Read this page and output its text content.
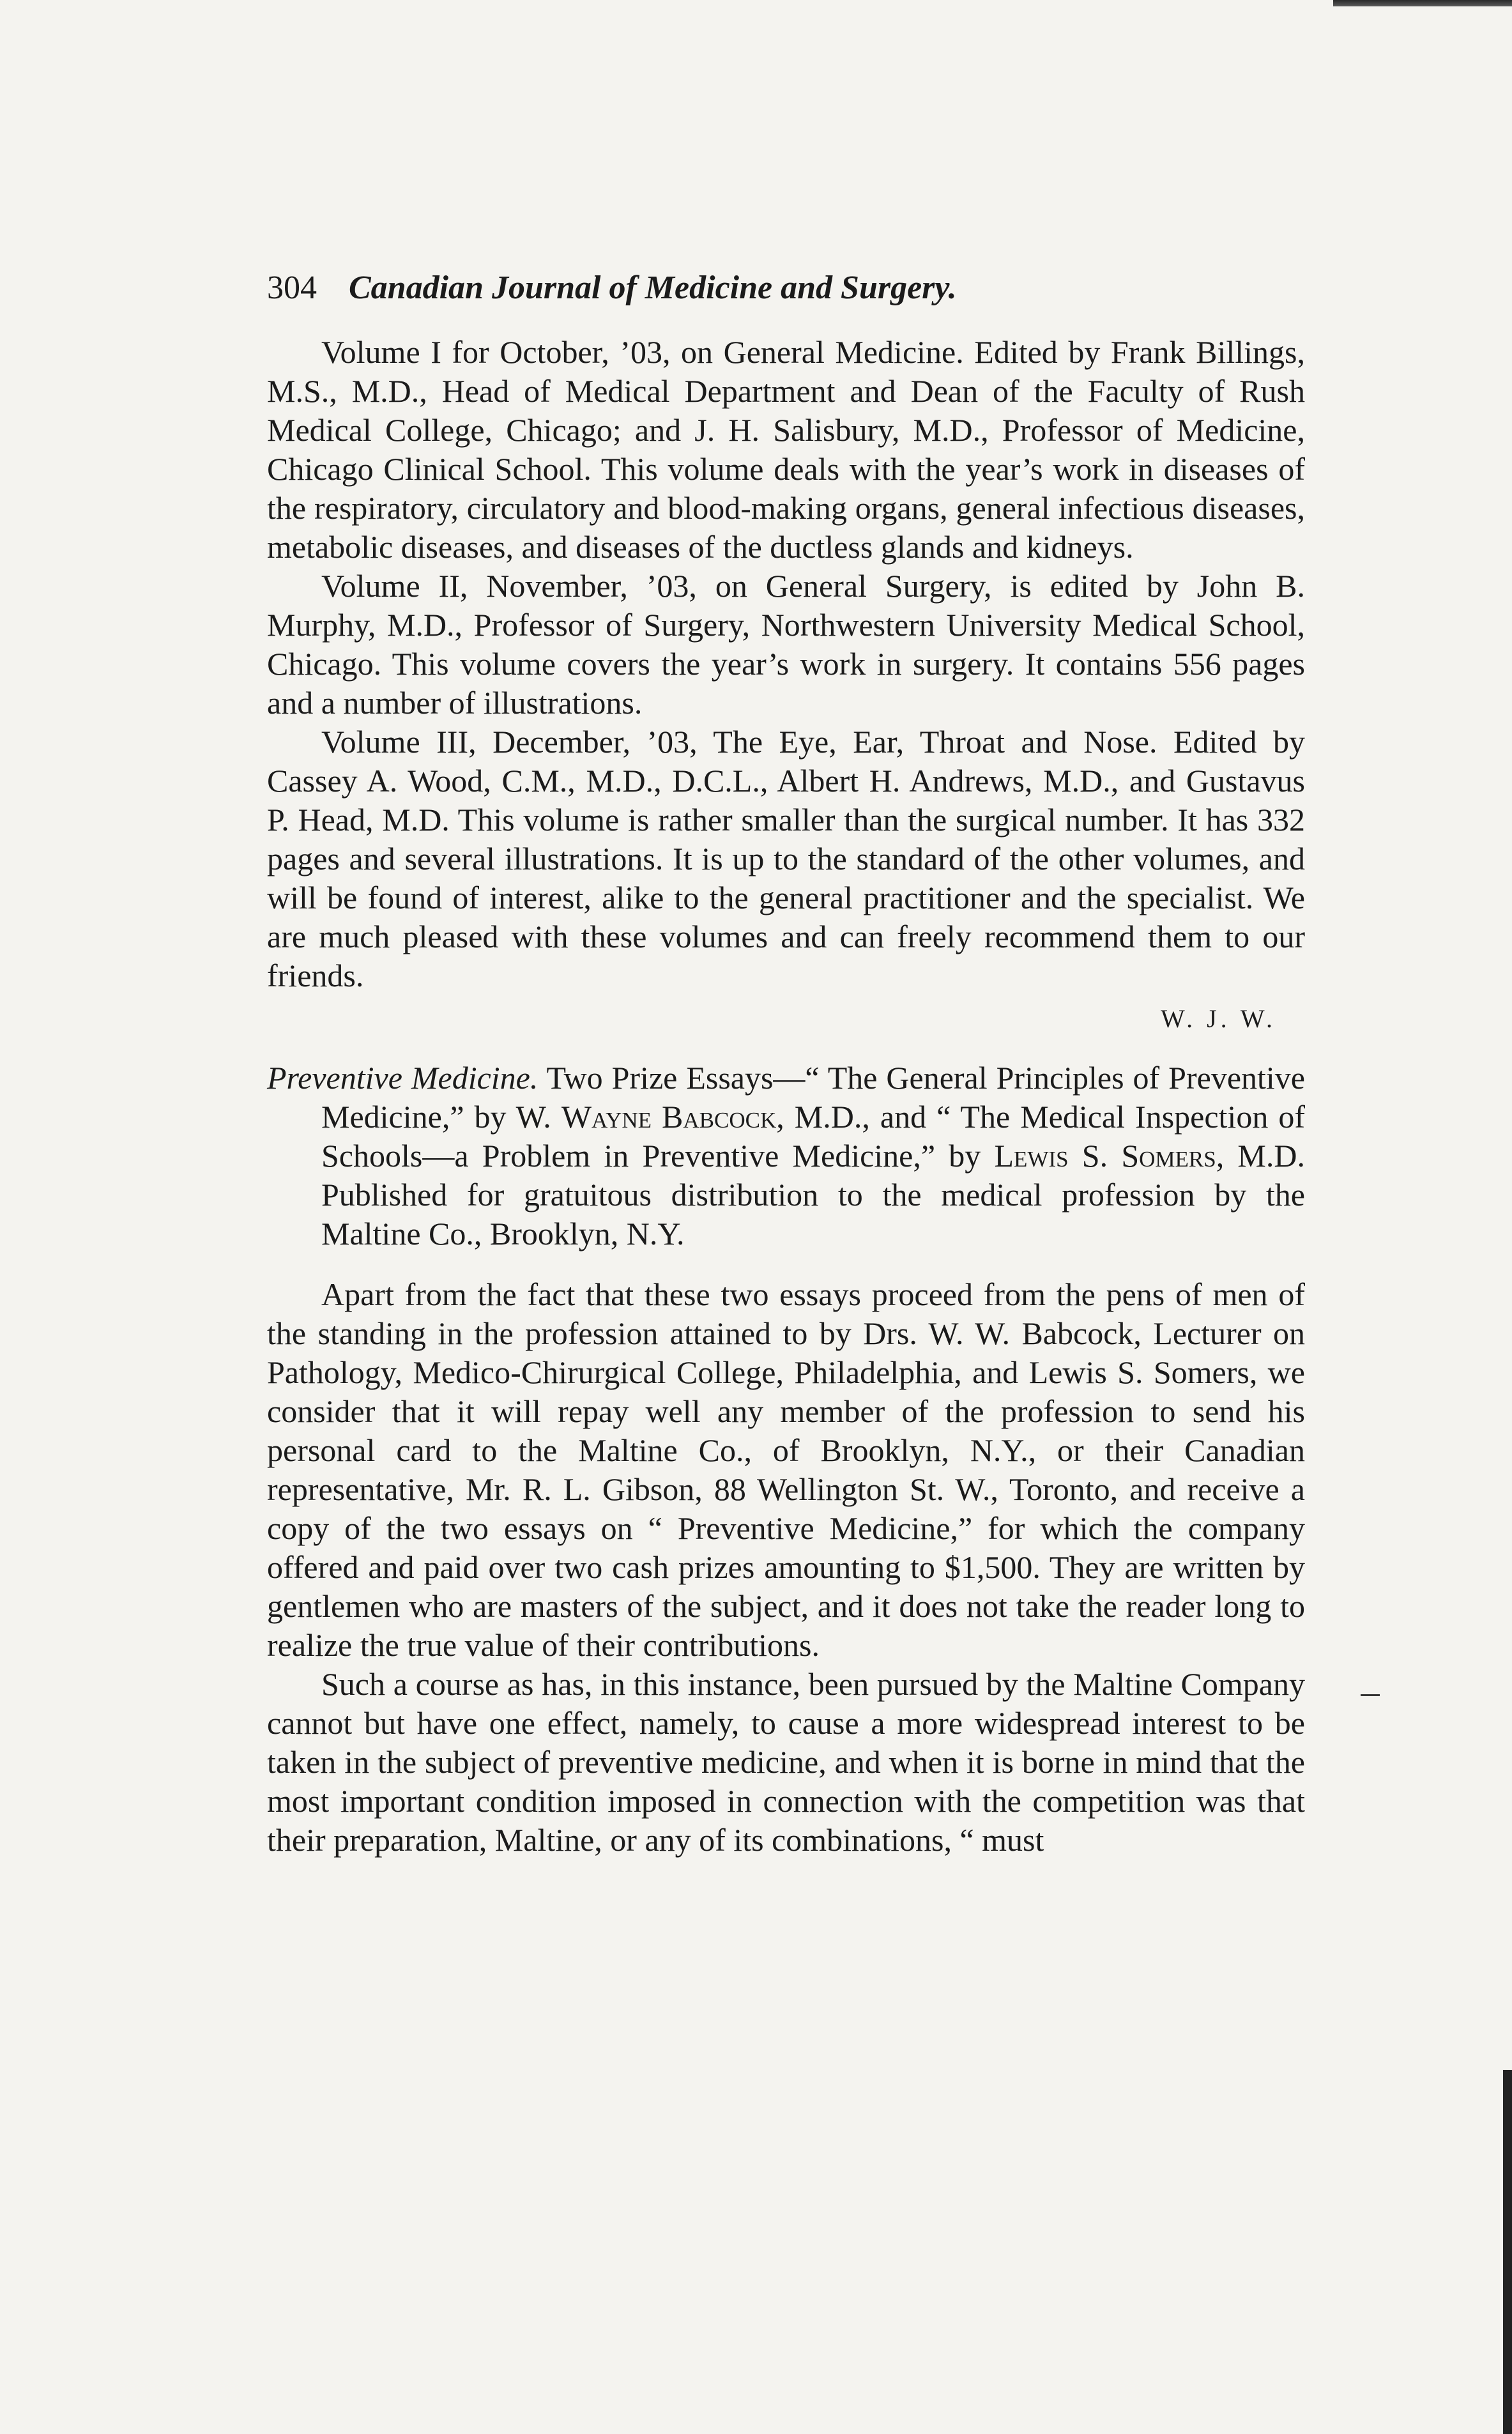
304 Canadian Journal of Medicine and Surgery.

Volume I for October, ’03, on General Medicine. Edited by Frank Billings, M.S., M.D., Head of Medical Department and Dean of the Faculty of Rush Medical College, Chicago; and J. H. Salisbury, M.D., Professor of Medicine, Chicago Clinical School. This volume deals with the year’s work in diseases of the respiratory, circulatory and blood-making organs, general infectious diseases, metabolic diseases, and diseases of the ductless glands and kidneys.

Volume II, November, ’03, on General Surgery, is edited by John B. Murphy, M.D., Professor of Surgery, Northwestern University Medical School, Chicago. This volume covers the year’s work in surgery. It contains 556 pages and a number of illustrations.

Volume III, December, ’03, The Eye, Ear, Throat and Nose. Edited by Cassey A. Wood, C.M., M.D., D.C.L., Albert H. Andrews, M.D., and Gustavus P. Head, M.D. This volume is rather smaller than the surgical number. It has 332 pages and several illustrations. It is up to the standard of the other volumes, and will be found of interest, alike to the general practitioner and the specialist. We are much pleased with these volumes and can freely recommend them to our friends.

W. J. W.

Preventive Medicine. Two Prize Essays—“ The General Principles of Preventive Medicine,” by W. Wayne Babcock, M.D., and “ The Medical Inspection of Schools—a Problem in Preventive Medicine,” by Lewis S. Somers, M.D. Published for gratuitous distribution to the medical profession by the Maltine Co., Brooklyn, N.Y.

Apart from the fact that these two essays proceed from the pens of men of the standing in the profession attained to by Drs. W. W. Babcock, Lecturer on Pathology, Medico-Chirurgical College, Philadelphia, and Lewis S. Somers, we consider that it will repay well any member of the profession to send his personal card to the Maltine Co., of Brooklyn, N.Y., or their Canadian representative, Mr. R. L. Gibson, 88 Wellington St. W., Toronto, and receive a copy of the two essays on “ Preventive Medicine,” for which the company offered and paid over two cash prizes amounting to $1,500. They are written by gentlemen who are masters of the subject, and it does not take the reader long to realize the true value of their contributions.

Such a course as has, in this instance, been pursued by the Maltine Company cannot but have one effect, namely, to cause a more widespread interest to be taken in the subject of preventive medicine, and when it is borne in mind that the most important condition imposed in connection with the competition was that their preparation, Maltine, or any of its combinations, “ must
